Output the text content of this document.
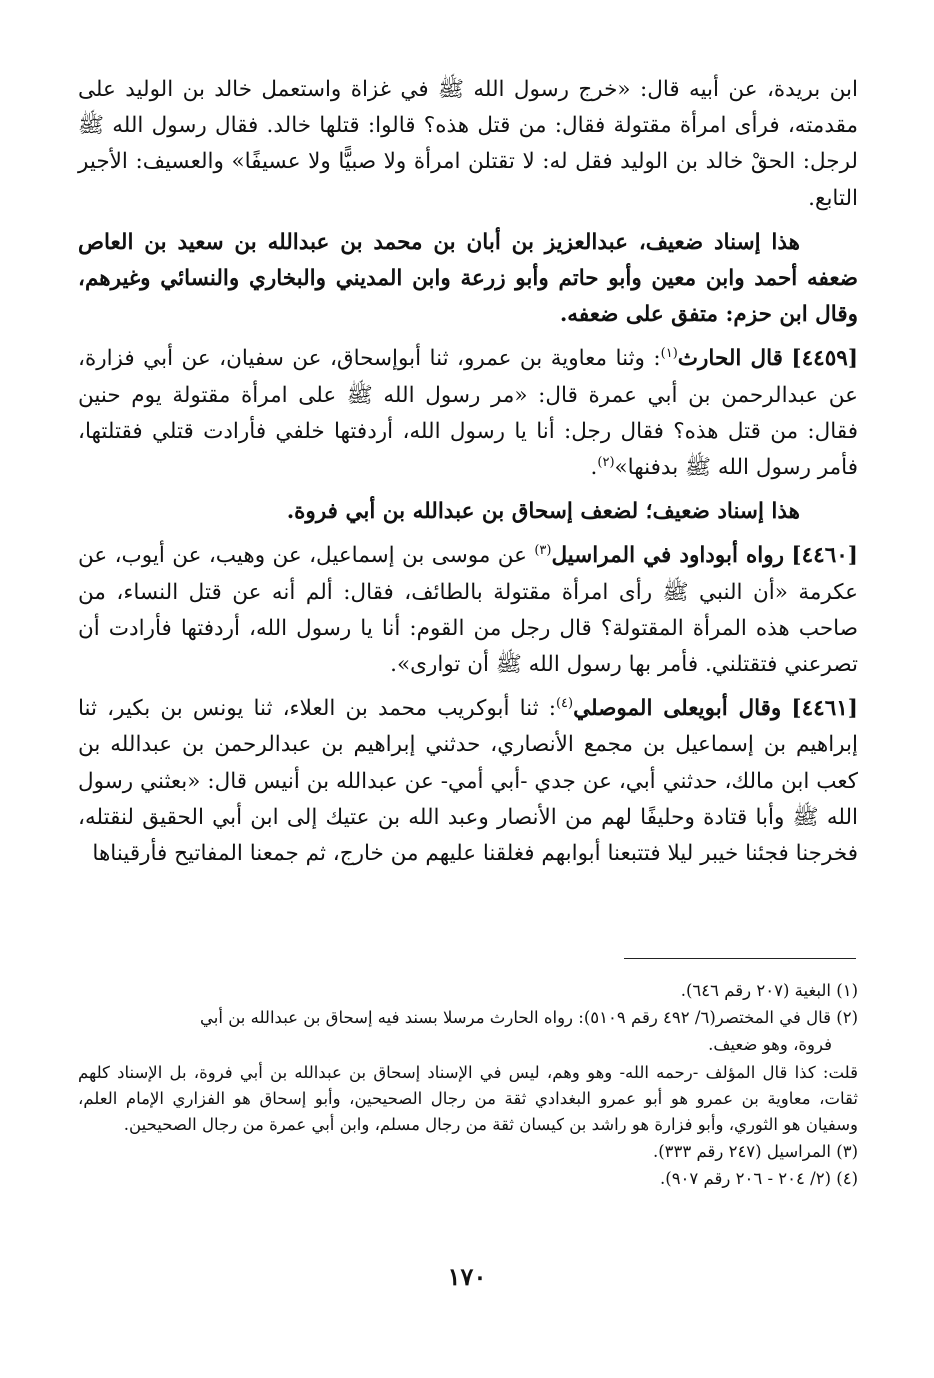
ابن بريدة، عن أبيه قال: «خرج رسول الله ﷺ في غزاة واستعمل خالد بن الوليد على مقدمته، فرأى امرأة مقتولة فقال: من قتل هذه؟ قالوا: قتلها خالد. فقال رسول الله ﷺ لرجل: الحقْ خالد بن الوليد فقل له: لا تقتلن امرأة ولا صبيًّا ولا عسيفًا» والعسيف: الأجير التابع.

هذا إسناد ضعيف، عبدالعزيز بن أبان بن محمد بن عبدالله بن سعيد بن العاص ضعفه أحمد وابن معين وأبو حاتم وأبو زرعة وابن المديني والبخاري والنسائي وغيرهم، وقال ابن حزم: متفق على ضعفه.

[٤٤٥٩] قال الحارث$^{(١)}$: وثنا معاوية بن عمرو، ثنا أبوإسحاق، عن سفيان، عن أبي فزارة، عن عبدالرحمن بن أبي عمرة قال: «مر رسول الله ﷺ على امرأة مقتولة يوم حنين فقال: من قتل هذه؟ فقال رجل: أنا يا رسول الله، أردفتها خلفي فأرادت قتلي فقتلتها، فأمر رسول الله ﷺ بدفنها»$^{(٢)}$.

هذا إسناد ضعيف؛ لضعف إسحاق بن عبدالله بن أبي فروة.

[٤٤٦٠] رواه أبوداود في المراسيل$^{(٣)}$ عن موسى بن إسماعيل، عن وهيب، عن أيوب، عن عكرمة «أن النبي ﷺ رأى امرأة مقتولة بالطائف، فقال: ألم أنه عن قتل النساء، من صاحب هذه المرأة المقتولة؟ قال رجل من القوم: أنا يا رسول الله، أردفتها فأرادت أن تصرعني فتقتلني. فأمر بها رسول الله ﷺ أن توارى».

[٤٤٦١] وقال أبويعلى الموصلي$^{(٤)}$: ثنا أبوكريب محمد بن العلاء، ثنا يونس بن بكير، ثنا إبراهيم بن إسماعيل بن مجمع الأنصاري، حدثني إبراهيم بن عبدالرحمن بن عبدالله بن كعب ابن مالك، حدثني أبي، عن جدي -أبي أمي- عن عبدالله بن أنيس قال: «بعثني رسول الله ﷺ وأبا قتادة وحليفًا لهم من الأنصار وعبد الله بن عتيك إلى ابن أبي الحقيق لنقتله، فخرجنا فجئنا خيبر ليلا فتتبعنا أبوابهم فغلقنا عليهم من خارج، ثم جمعنا المفاتيح فأرقيناها

(١) البغية (٢٠٧ رقم ٦٤٦).
(٢) قال في المختصر(٦/ ٤٩٢ رقم ٥١٠٩): رواه الحارث مرسلا بسند فيه إسحاق بن عبدالله بن أبي
فروة، وهو ضعيف.
قلت: كذا قال المؤلف -رحمه الله- وهو وهم، ليس في الإسناد إسحاق بن عبدالله بن أبي فروة، بل الإسناد كلهم ثقات، معاوية بن عمرو هو أبو عمرو البغدادي ثقة من رجال الصحيحين، وأبو إسحاق هو الفزاري الإمام العلم، وسفيان هو الثوري، وأبو فزارة هو راشد بن كيسان ثقة من رجال مسلم، وابن أبي عمرة من رجال الصحيحين.
(٣) المراسيل (٢٤٧ رقم ٣٣٣).
(٤) (٢/ ٢٠٤ - ٢٠٦ رقم ٩٠٧).
١٧٠
